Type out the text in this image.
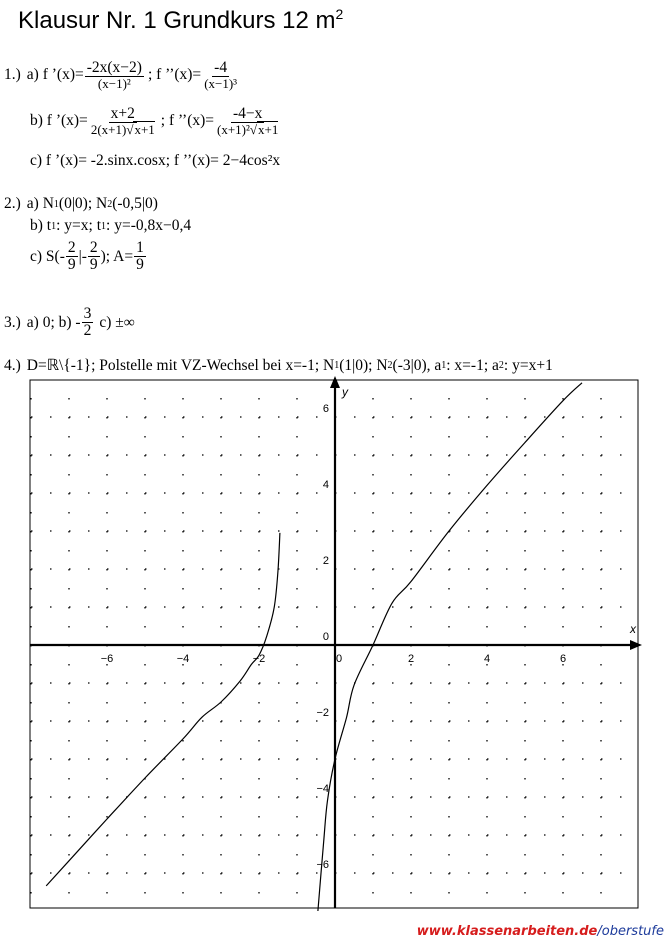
Klausur Nr. 1 Grundkurs 12 $m^2$
1.) a) f ’(x)= -2x(x−2)
(x−1)²
; f ’’(x)= -4
(x−1)³
b) f ’(x)= x+2
2(x+1)√x+1
; f ’’(x)= -4−x
(x+1)²√x+1
c) f ’(x)= -2.sinx.cosx; f ’’(x)= 2−4cos²x
2.) a) N 1 (0|0); N 2 (-0,5|0)
b) t 1 : y=x; t 1 : y=-0,8x−0,4
c) S(-
2
9 |-
2
9 ); $A= \frac{1}{9}$
3.) a) 0; b) -
3
2 c) ±∞
4.) D=ℝ\{-1}; Polstelle mit VZ-Wechsel bei x=-1; N 1 (1|0); N 2 (-3|0), a 1 : x=-1; a 2 : y=x+1
x
y
−6	−4	−2	0	2	4	6
6
4
2
0
−2
−4
−6
www.klassenarbeiten.de/oberstufe
